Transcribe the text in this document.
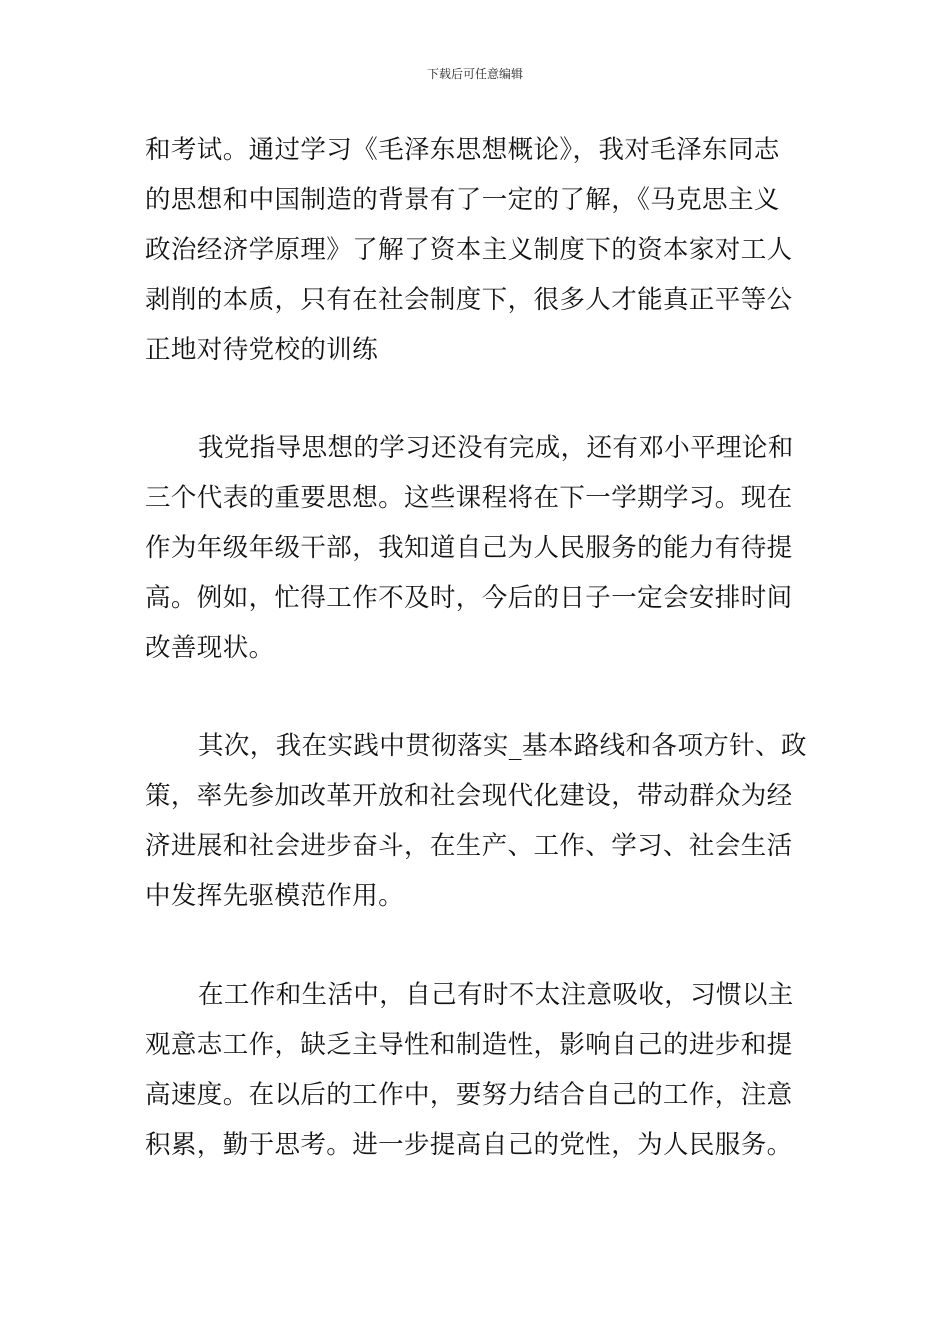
下载后可任意编辑
和考试。通过学习《毛泽东思想概论》，我对毛泽东同志
的思想和中国制造的背景有了一定的了解，《马克思主义
政治经济学原理》了解了资本主义制度下的资本家对工人
剥削的本质，只有在社会制度下，很多人才能真正平等公
正地对待党校的训练
我党指导思想的学习还没有完成，还有邓小平理论和
三个代表的重要思想。这些课程将在下一学期学习。现在
作为年级年级干部，我知道自己为人民服务的能力有待提
高。例如，忙得工作不及时，今后的日子一定会安排时间
改善现状。
其次，我在实践中贯彻落实_基本路线和各项方针、政
策，率先参加改革开放和社会现代化建设，带动群众为经
济进展和社会进步奋斗，在生产、工作、学习、社会生活
中发挥先驱模范作用。
在工作和生活中，自己有时不太注意吸收，习惯以主
观意志工作，缺乏主导性和制造性，影响自己的进步和提
高速度。在以后的工作中，要努力结合自己的工作，注意
积累，勤于思考。进一步提高自己的党性，为人民服务。
